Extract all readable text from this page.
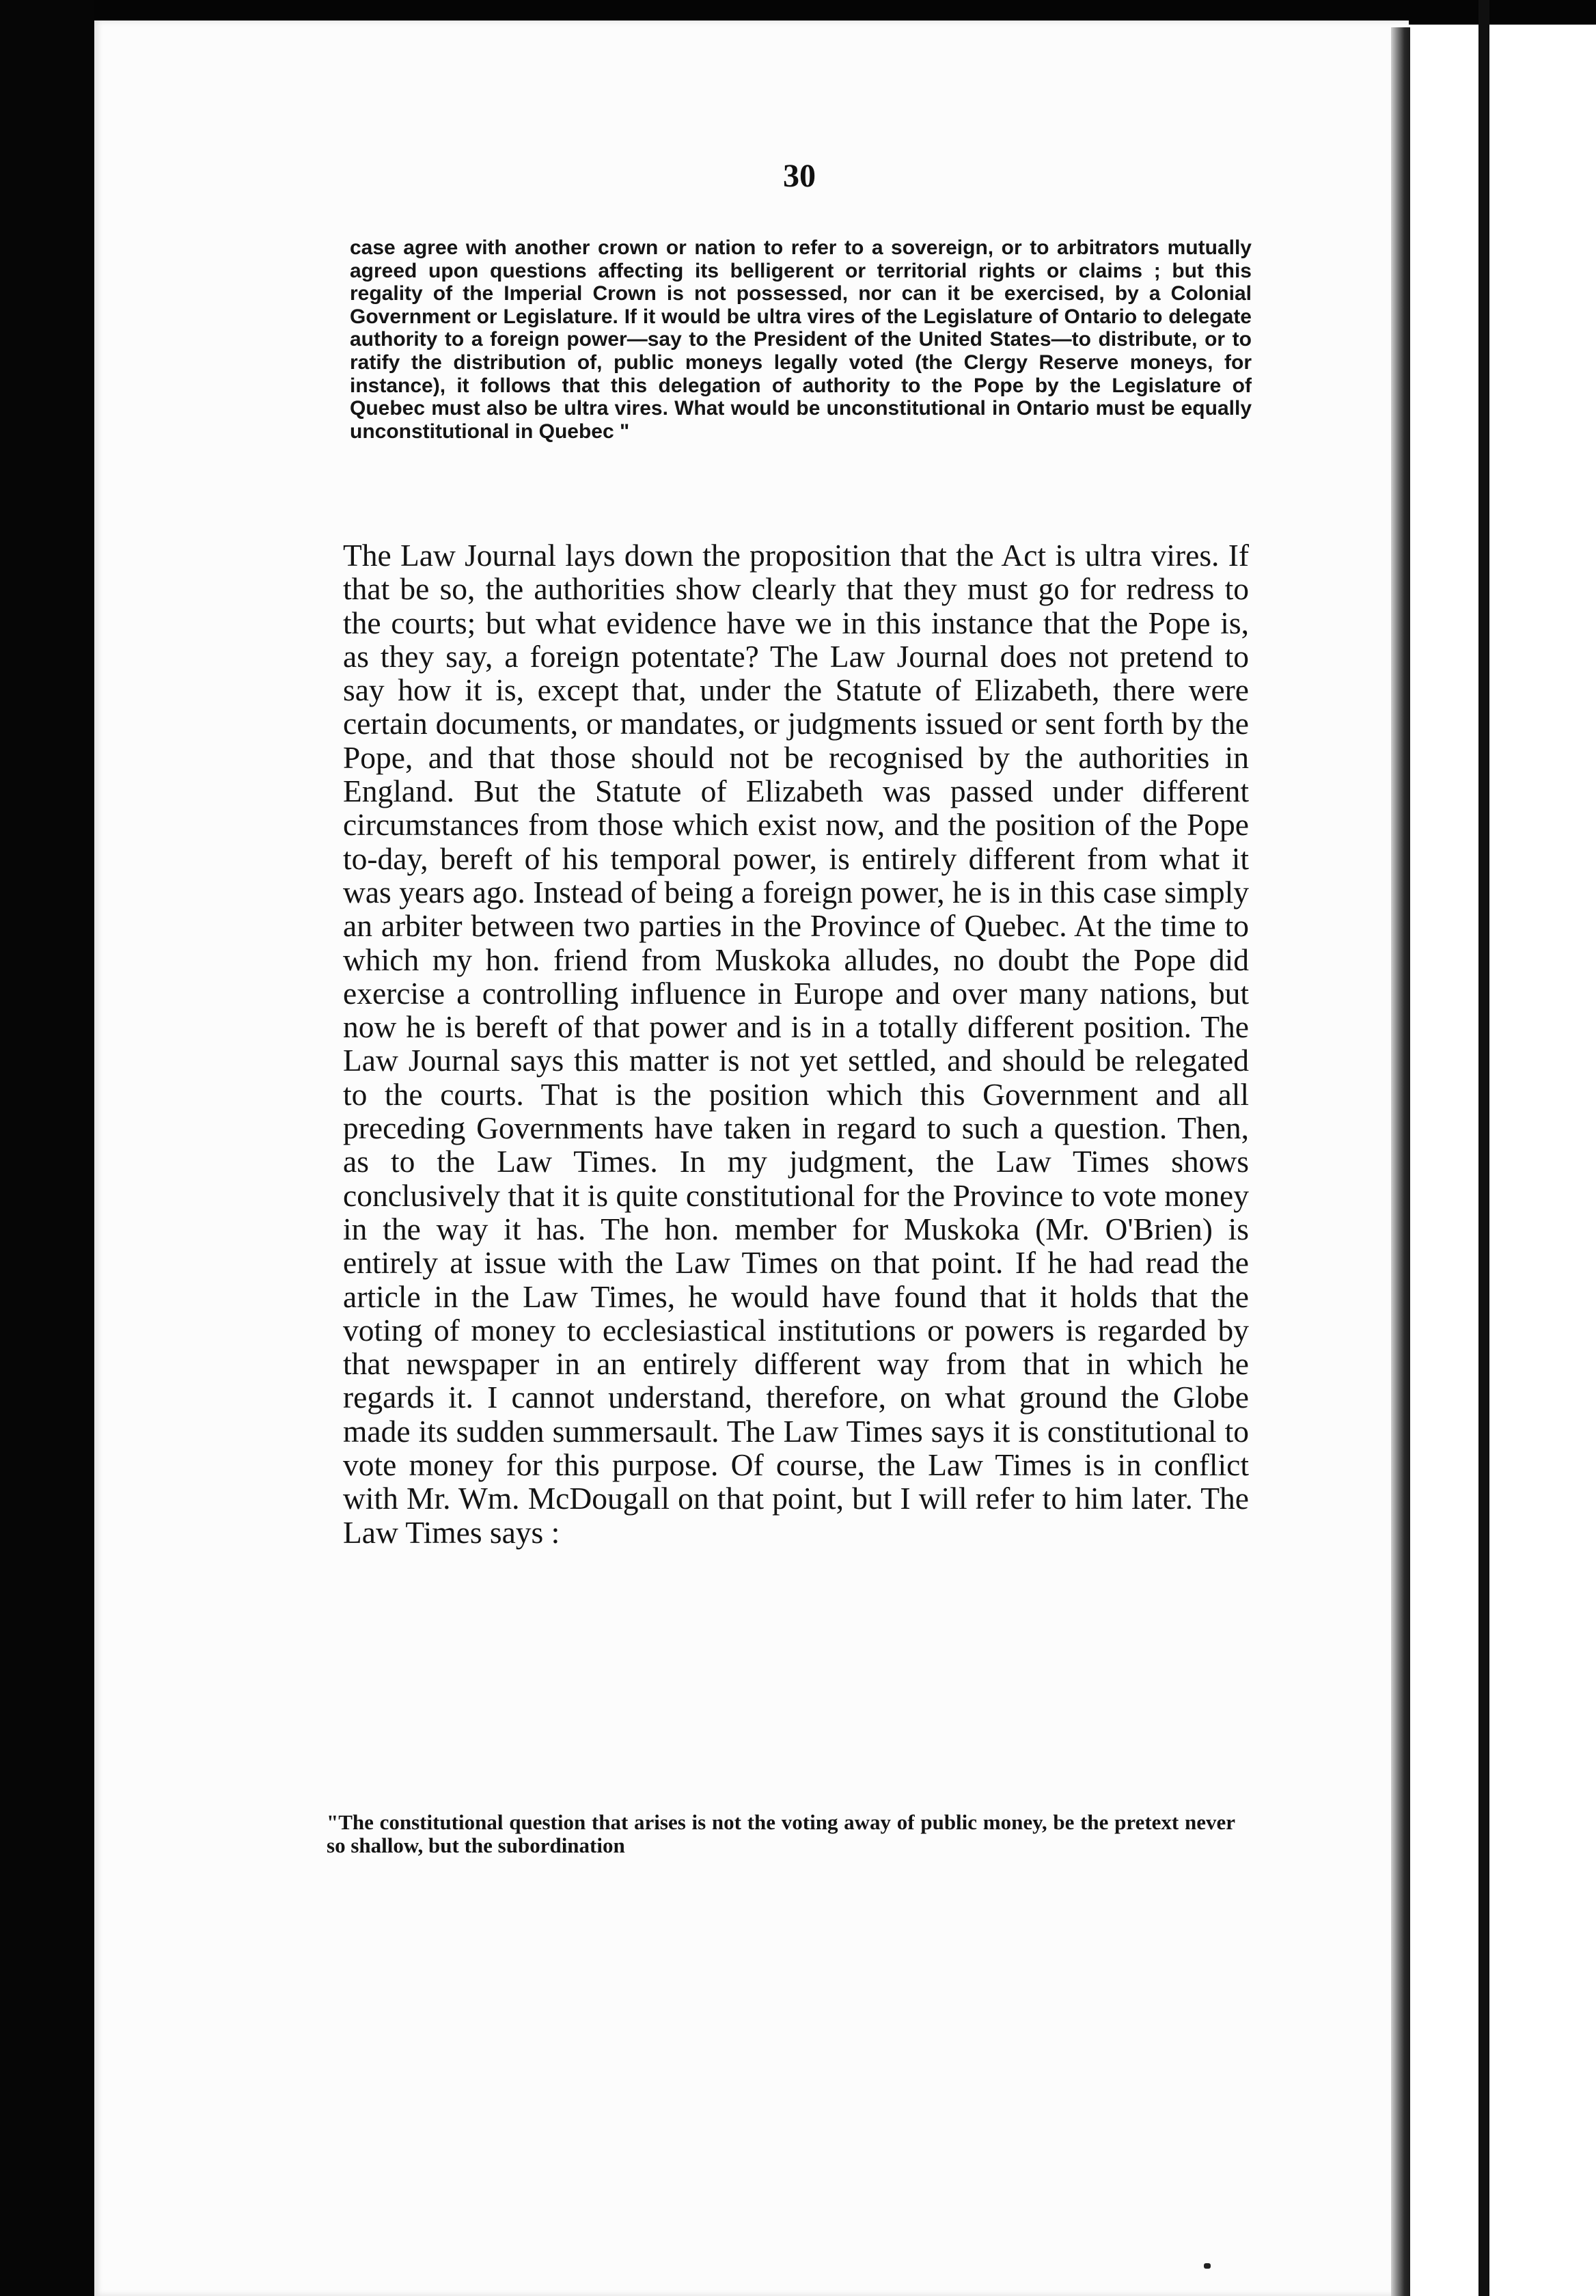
30
case agree with another crown or nation to refer to a sovereign, or to arbitrators mutually agreed upon questions affecting its belligerent or territorial rights or claims ; but this regality of the Imperial Crown is not possessed, nor can it be exercised, by a Colonial Government or Legislature. If it would be ultra vires of the Legislature of Ontario to delegate authority to a foreign power—say to the President of the United States—to distribute, or to ratify the distribution of, public moneys legally voted (the Clergy Reserve moneys, for instance), it follows that this delegation of authority to the Pope by the Legislature of Quebec must also be ultra vires. What would be unconstitutional in Ontario must be equally unconstitutional in Quebec "
The Law Journal lays down the proposition that the Act is ultra vires. If that be so, the authorities show clearly that they must go for redress to the courts; but what evidence have we in this instance that the Pope is, as they say, a foreign potentate? The Law Journal does not pretend to say how it is, except that, under the Statute of Elizabeth, there were certain documents, or mandates, or judgments issued or sent forth by the Pope, and that those should not be recognised by the authorities in England. But the Statute of Elizabeth was passed under different circumstances from those which exist now, and the position of the Pope to-day, bereft of his temporal power, is entirely different from what it was years ago. Instead of being a foreign power, he is in this case simply an arbiter between two parties in the Province of Quebec. At the time to which my hon. friend from Muskoka alludes, no doubt the Pope did exercise a controlling influence in Europe and over many nations, but now he is bereft of that power and is in a totally different position. The Law Journal says this matter is not yet settled, and should be relegated to the courts. That is the position which this Government and all preceding Governments have taken in regard to such a question. Then, as to the Law Times. In my judgment, the Law Times shows conclusively that it is quite constitutional for the Province to vote money in the way it has. The hon. member for Muskoka (Mr. O'Brien) is entirely at issue with the Law Times on that point. If he had read the article in the Law Times, he would have found that it holds that the voting of money to ecclesiastical institutions or powers is regarded by that newspaper in an entirely different way from that in which he regards it. I cannot understand, therefore, on what ground the Globe made its sudden summersault. The Law Times says it is constitutional to vote money for this purpose. Of course, the Law Times is in conflict with Mr. Wm. McDougall on that point, but I will refer to him later. The Law Times says :
"The constitutional question that arises is not the voting away of public money, be the pretext never so shallow, but the subordination
